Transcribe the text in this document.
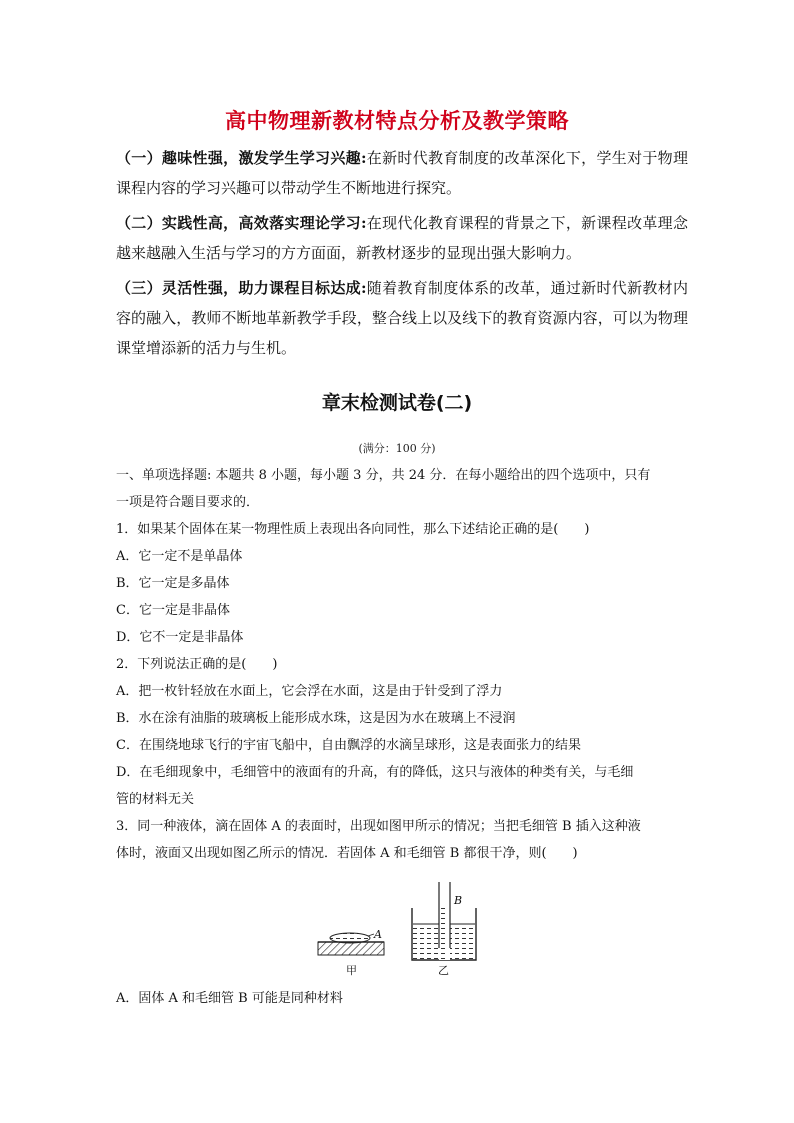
高中物理新教材特点分析及教学策略
（一）趣味性强，激发学生学习兴趣:在新时代教育制度的改革深化下，学生对于物理课程内容的学习兴趣可以带动学生不断地进行探究。
（二）实践性高，高效落实理论学习:在现代化教育课程的背景之下，新课程改革理念越来越融入生活与学习的方方面面，新教材逐步的显现出强大影响力。
（三）灵活性强，助力课程目标达成:随着教育制度体系的改革，通过新时代新教材内容的融入，教师不断地革新教学手段，整合线上以及线下的教育资源内容，可以为物理课堂增添新的活力与生机。
章末检测试卷(二)
(满分：100 分)
一、单项选择题: 本题共 8 小题，每小题 3 分，共 24 分．在每小题给出的四个选项中，只有
一项是符合题目要求的．
1．如果某个固体在某一物理性质上表现出各向同性，那么下述结论正确的是(　　)
A．它一定不是单晶体
B．它一定是多晶体
C．它一定是非晶体
D．它不一定是非晶体
2．下列说法正确的是(　　)
A．把一枚针轻放在水面上，它会浮在水面，这是由于针受到了浮力
B．水在涂有油脂的玻璃板上能形成水珠，这是因为水在玻璃上不浸润
C．在围绕地球飞行的宇宙飞船中，自由飘浮的水滴呈球形，这是表面张力的结果
D．在毛细现象中，毛细管中的液面有的升高，有的降低，这只与液体的种类有关，与毛细
管的材料无关
3．同一种液体，滴在固体 A 的表面时，出现如图甲所示的情况；当把毛细管 B 插入这种液
体时，液面又出现如图乙所示的情况．若固体 A 和毛细管 B 都很干净，则(　　)
A
B
甲	乙
A．固体 A 和毛细管 B 可能是同种材料
